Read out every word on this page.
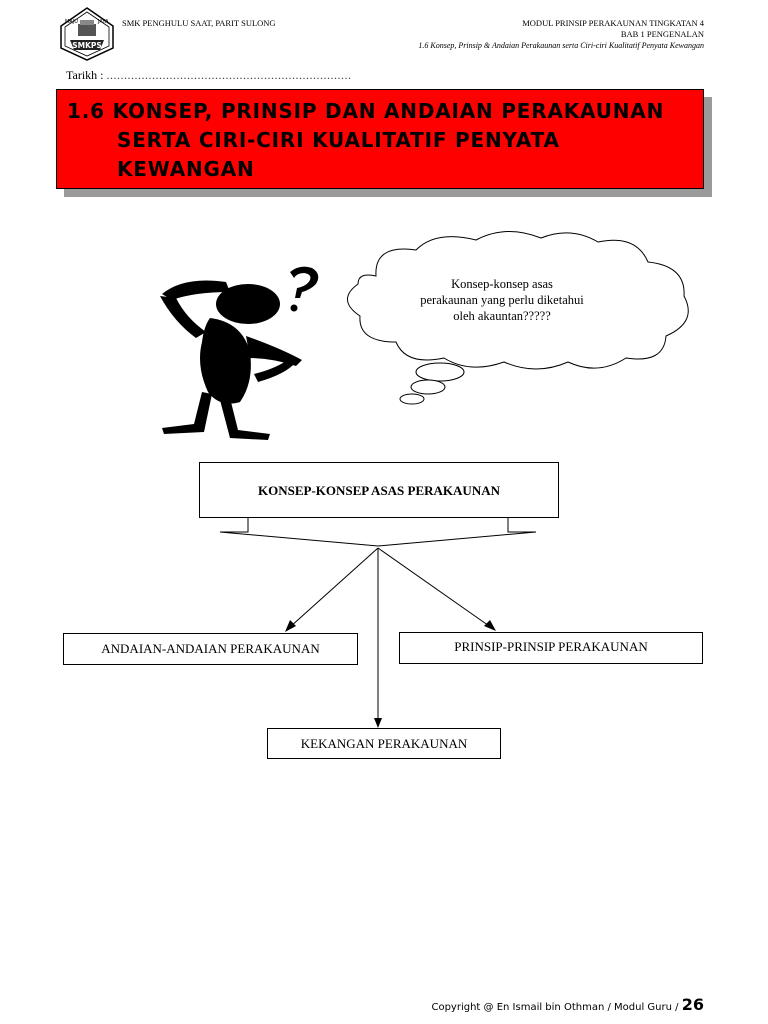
MAJU	JAYA
SMKPS
SMK PENGHULU SAAT, PARIT SULONG	MODUL PRINSIP PERAKAUNAN TINGKATAN 4
BAB 1 PENGENALAN
1.6 Konsep, Prinsip & Andaian Perakaunan serta Ciri-ciri Kualitatif Penyata Kewangan
Tarikh : ......................................................................
1.6 KONSEP, PRINSIP DAN ANDAIAN PERAKAUNAN
SERTA CIRI-CIRI KUALITATIF PENYATA
KEWANGAN
Konsep-konsep asas
perakaunan yang perlu diketahui
oleh akauntan?????
KONSEP-KONSEP ASAS PERAKAUNAN
ANDAIAN-ANDAIAN PERAKAUNAN	PRINSIP-PRINSIP PERAKAUNAN
KEKANGAN PERAKAUNAN
Copyright @ En Ismail bin Othman / Modul Guru / 26
